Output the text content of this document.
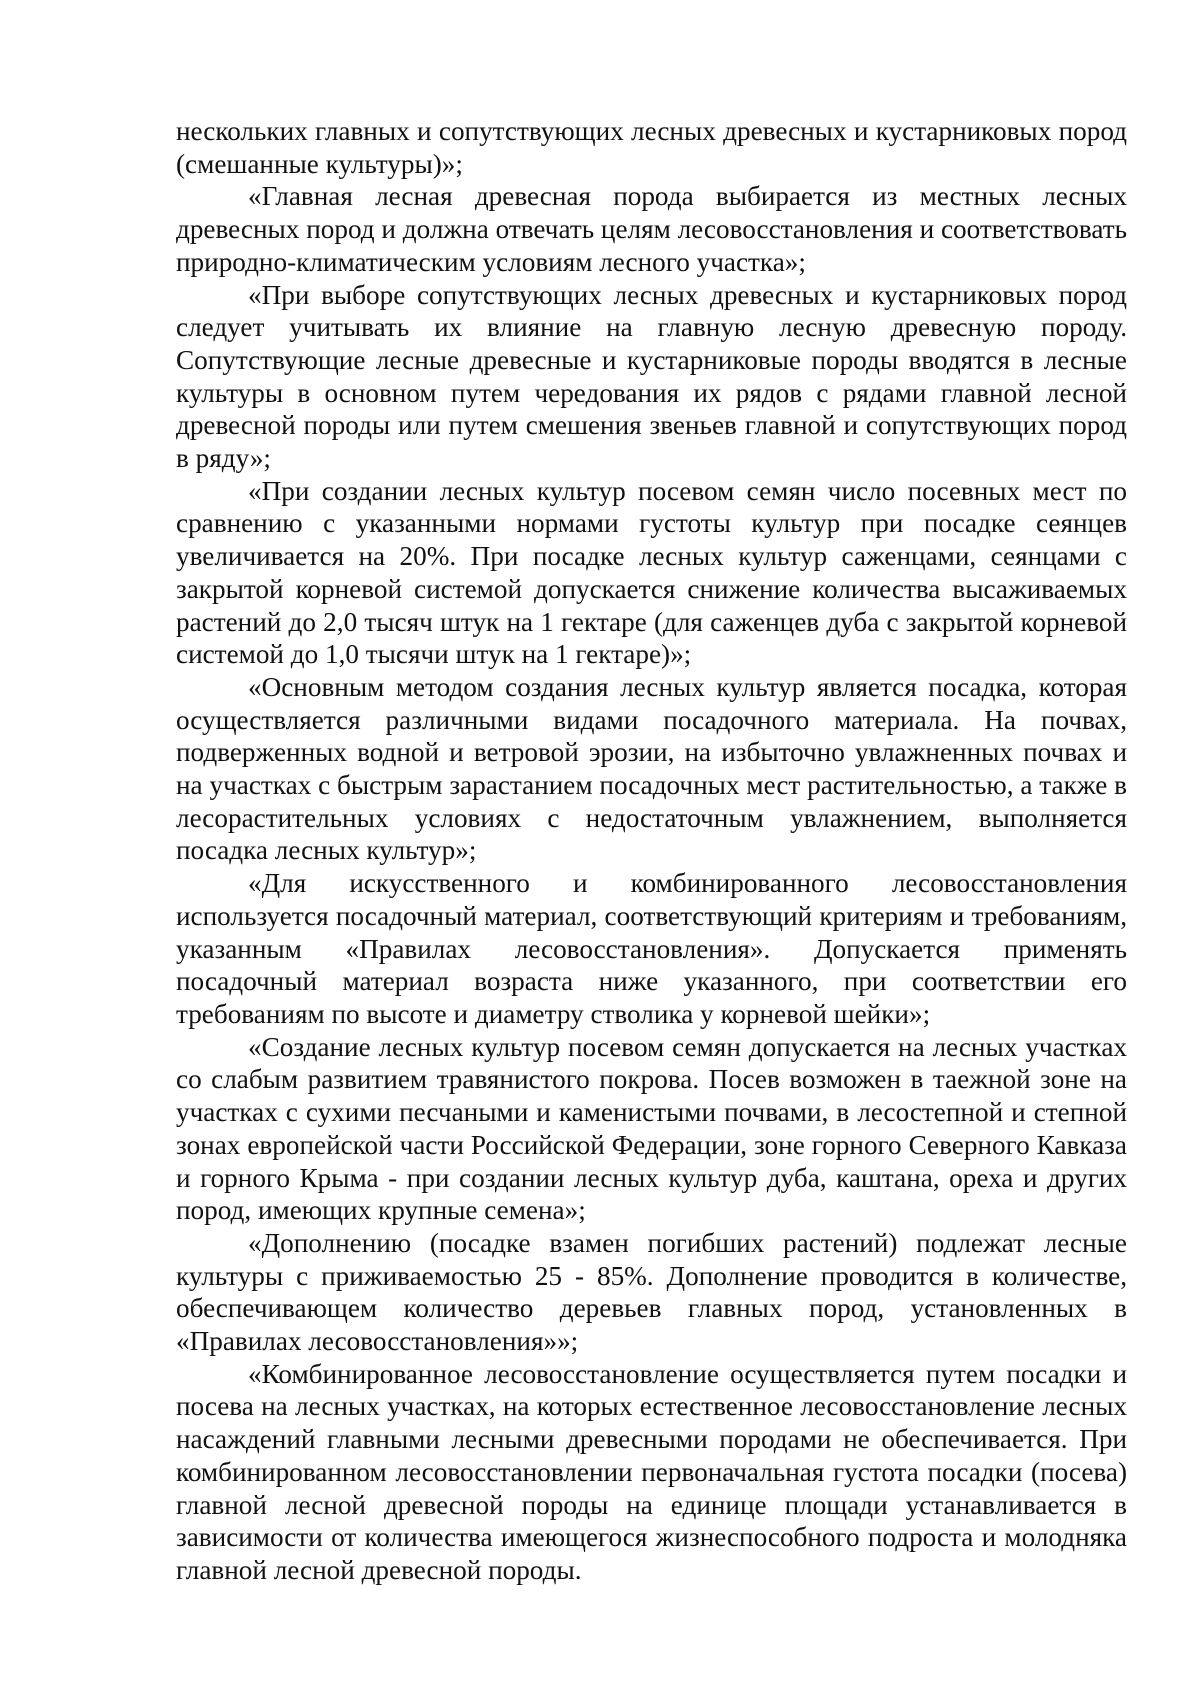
нескольких главных и сопутствующих лесных древесных и кустарниковых пород (смешанные культуры)»;

«Главная лесная древесная порода выбирается из местных лесных древесных пород и должна отвечать целям лесовосстановления и соответствовать природно-климатическим условиям лесного участка»;

«При выборе сопутствующих лесных древесных и кустарниковых пород следует учитывать их влияние на главную лесную древесную породу. Сопутствующие лесные древесные и кустарниковые породы вводятся в лесные культуры в основном путем чередования их рядов с рядами главной лесной древесной породы или путем смешения звеньев главной и сопутствующих пород в ряду»;

«При создании лесных культур посевом семян число посевных мест по сравнению с указанными нормами густоты культур при посадке сеянцев увеличивается на 20%. При посадке лесных культур саженцами, сеянцами с закрытой корневой системой допускается снижение количества высаживаемых растений до 2,0 тысяч штук на 1 гектаре (для саженцев дуба с закрытой корневой системой до 1,0 тысячи штук на 1 гектаре)»;

«Основным методом создания лесных культур является посадка, которая осуществляется различными видами посадочного материала. На почвах, подверженных водной и ветровой эрозии, на избыточно увлажненных почвах и на участках с быстрым зарастанием посадочных мест растительностью, а также в лесорастительных условиях с недостаточным увлажнением, выполняется посадка лесных культур»;

«Для искусственного и комбинированного лесовосстановления используется посадочный материал, соответствующий критериям и требованиям, указанным «Правилах лесовосстановления». Допускается применять посадочный материал возраста ниже указанного, при соответствии его требованиям по высоте и диаметру стволика у корневой шейки»;

«Создание лесных культур посевом семян допускается на лесных участках со слабым развитием травянистого покрова. Посев возможен в таежной зоне на участках с сухими песчаными и каменистыми почвами, в лесостепной и степной зонах европейской части Российской Федерации, зоне горного Северного Кавказа и горного Крыма - при создании лесных культур дуба, каштана, ореха и других пород, имеющих крупные семена»;

«Дополнению (посадке взамен погибших растений) подлежат лесные культуры с приживаемостью 25 - 85%. Дополнение проводится в количестве, обеспечивающем количество деревьев главных пород, установленных в «Правилах лесовосстановления»»;

«Комбинированное лесовосстановление осуществляется путем посадки и посева на лесных участках, на которых естественное лесовосстановление лесных насаждений главными лесными древесными породами не обеспечивается. При комбинированном лесовосстановлении первоначальная густота посадки (посева) главной лесной древесной породы на единице площади устанавливается в зависимости от количества имеющегося жизнеспособного подроста и молодняка главной лесной древесной породы.
